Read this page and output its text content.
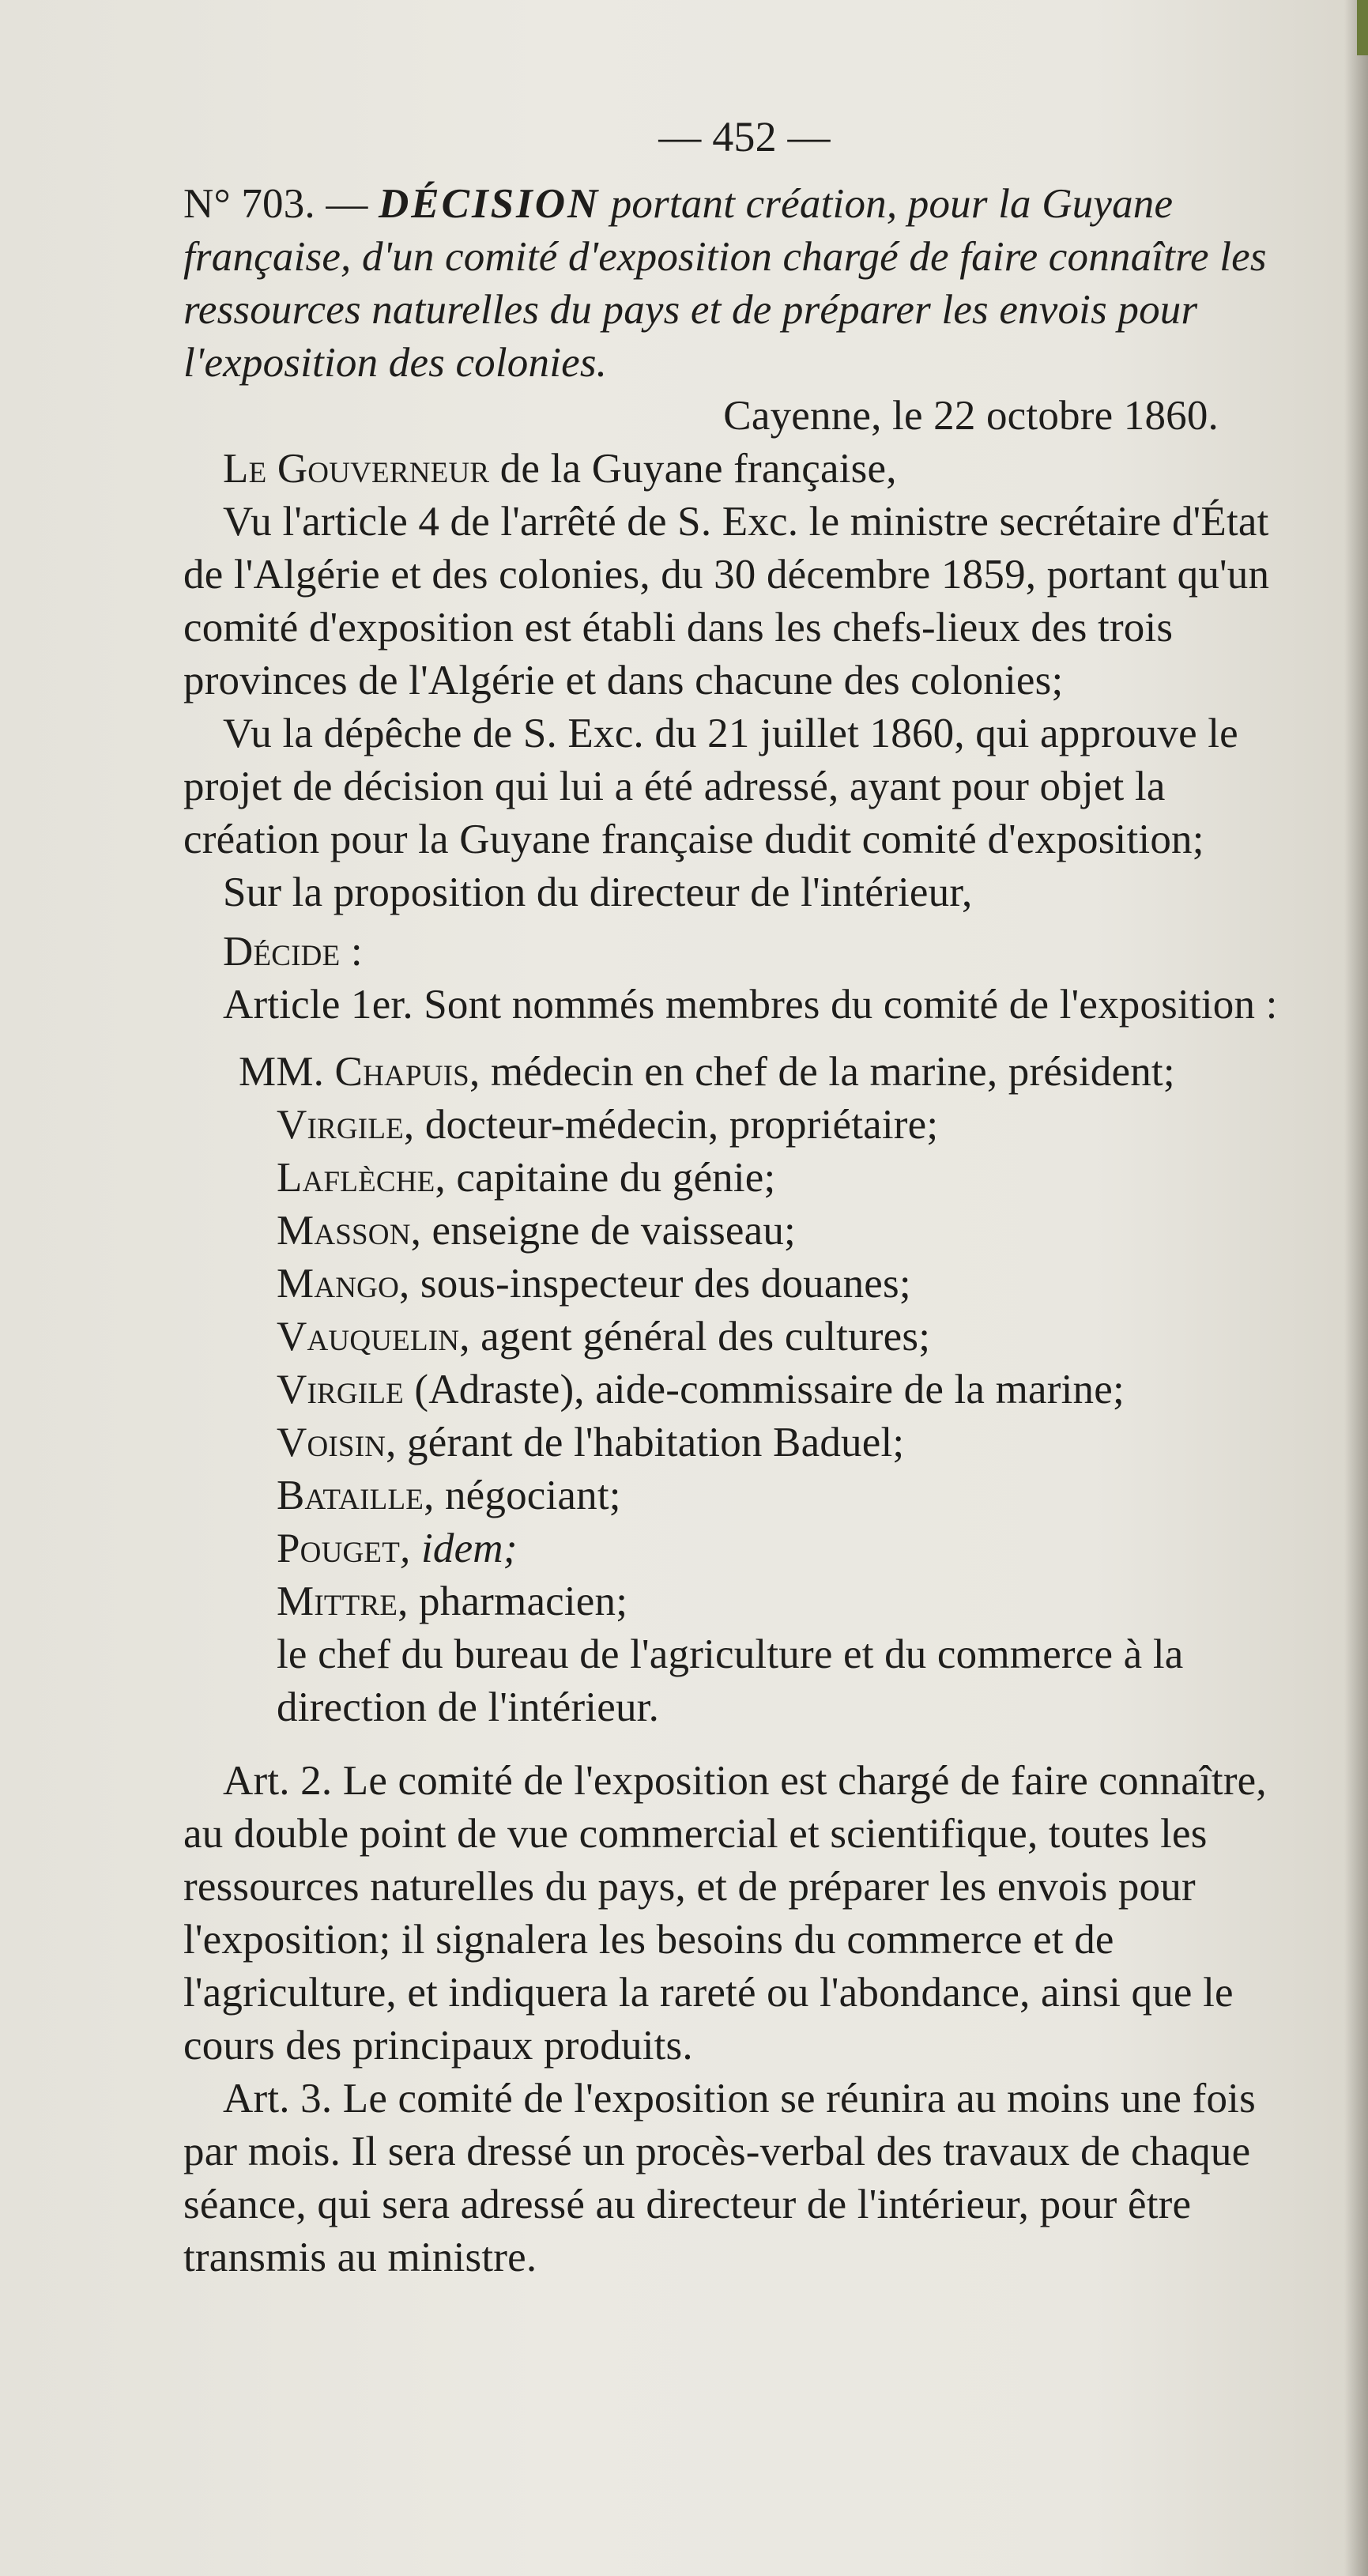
— 452 —
N° 703. — DÉCISION portant création, pour la Guyane française, d'un comité d'exposition chargé de faire connaître les ressources naturelles du pays et de préparer les envois pour l'exposition des colonies.

Cayenne, le 22 octobre 1860.

Le Gouverneur de la Guyane française,

Vu l'article 4 de l'arrêté de S. Exc. le ministre secrétaire d'État de l'Algérie et des colonies, du 30 décembre 1859, portant qu'un comité d'exposition est établi dans les chefs-lieux des trois provinces de l'Algérie et dans chacune des colonies;

Vu la dépêche de S. Exc. du 21 juillet 1860, qui approuve le projet de décision qui lui a été adressé, ayant pour objet la création pour la Guyane française dudit comité d'exposition;

Sur la proposition du directeur de l'intérieur,

Décide :

Article 1er. Sont nommés membres du comité de l'exposition :

MM. Chapuis, médecin en chef de la marine, président;
Virgile, docteur-médecin, propriétaire;
Laflèche, capitaine du génie;
Masson, enseigne de vaisseau;
Mango, sous-inspecteur des douanes;
Vauquelin, agent général des cultures;
Virgile (Adraste), aide-commissaire de la marine;
Voisin, gérant de l'habitation Baduel;
Bataille, négociant;
Pouget, idem;
Mittre, pharmacien;
le chef du bureau de l'agriculture et du commerce à la direction de l'intérieur.

Art. 2. Le comité de l'exposition est chargé de faire connaître, au double point de vue commercial et scientifique, toutes les ressources naturelles du pays, et de préparer les envois pour l'exposition; il signalera les besoins du commerce et de l'agriculture, et indiquera la rareté ou l'abondance, ainsi que le cours des principaux produits.

Art. 3. Le comité de l'exposition se réunira au moins une fois par mois. Il sera dressé un procès-verbal des travaux de chaque séance, qui sera adressé au directeur de l'intérieur, pour être transmis au ministre.
